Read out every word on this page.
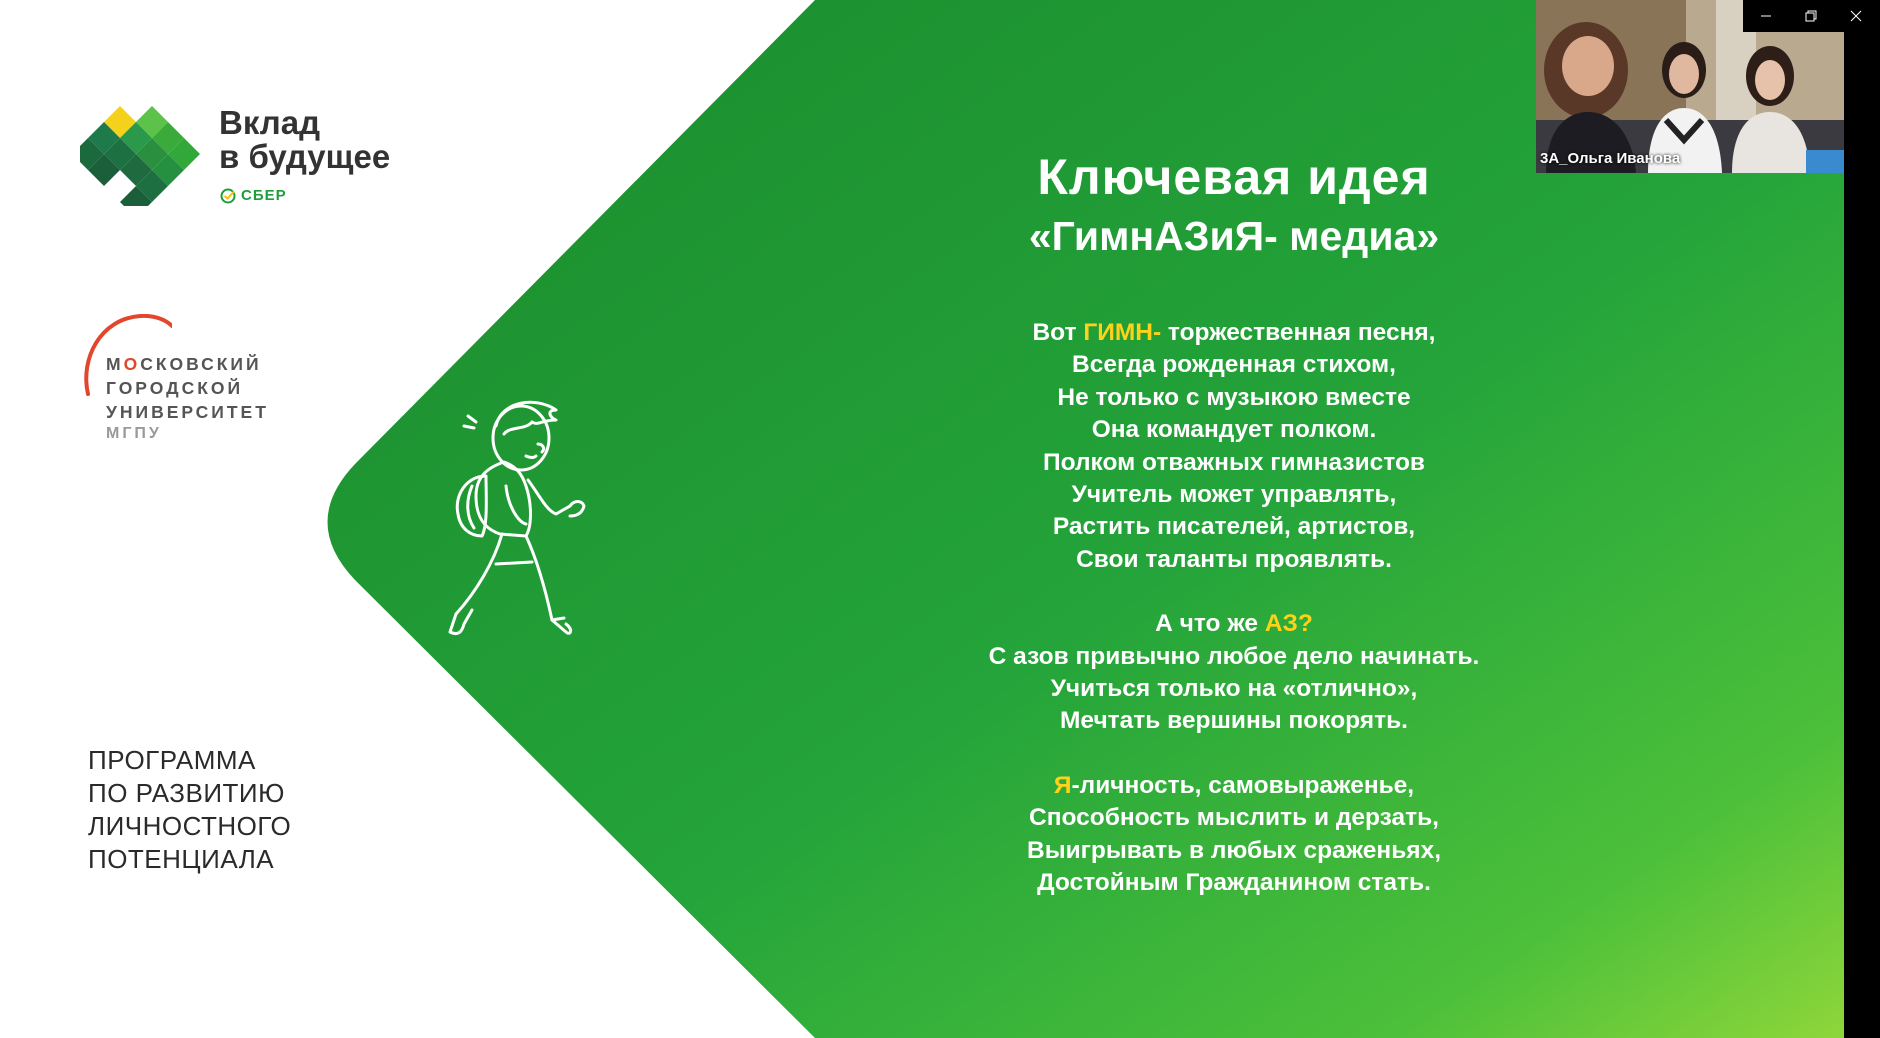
Вклад
в будущее
СБЕР
МОСКОВСКИЙ
ГОРОДСКОЙ
УНИВЕРСИТЕТ
МГПУ
ПРОГРАММА
ПО РАЗВИТИЮ
ЛИЧНОСТНОГО
ПОТЕНЦИАЛА
Ключевая идея
«ГимнАЗиЯ- медиа»
Вот ГИМН- торжественная песня,
Всегда рожденная стихом,
Не только с музыкою вместе
Она командует полком.
Полком отважных гимназистов
Учитель может управлять,
Растить писателей, артистов,
Свои таланты проявлять.
А что же АЗ?
С азов привычно любое дело начинать.
Учиться только на «отлично»,
Мечтать вершины покорять.
Я-личность, самовыраженье,
Способность мыслить и дерзать,
Выигрывать в любых сраженьях,
Достойным Гражданином стать.
3А_Ольга Иванова
